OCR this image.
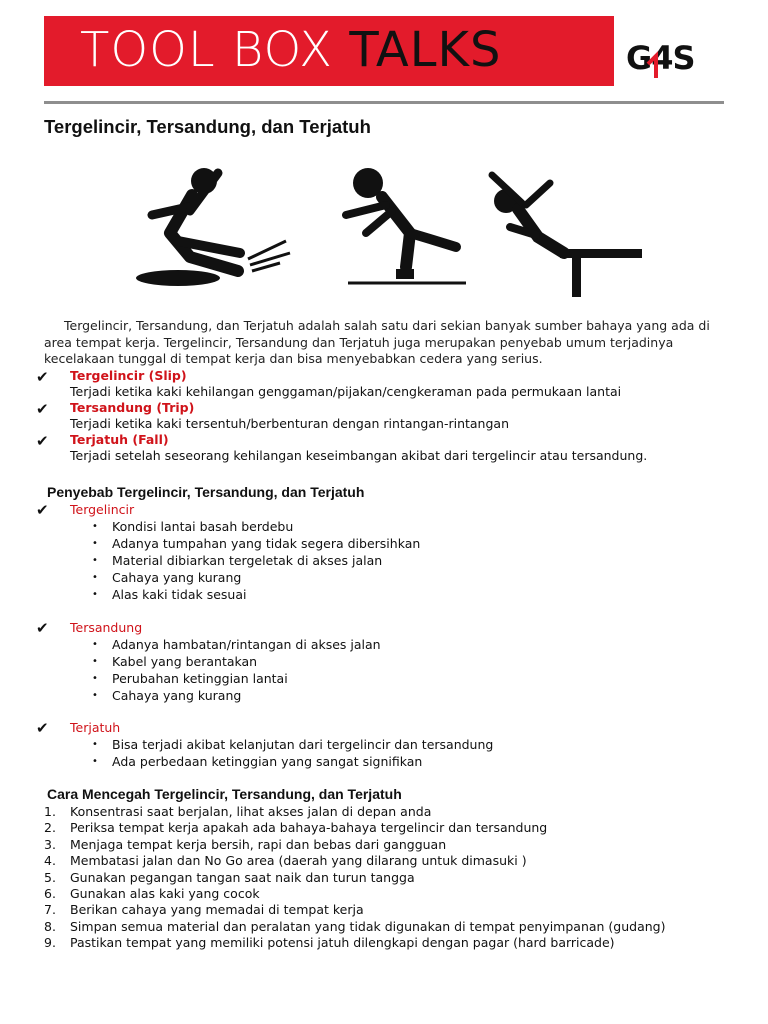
TOOL BOX TALKS	G4S
Tergelincir, Tersandung, dan Terjatuh

Tergelincir, Tersandung, dan Terjatuh adalah salah satu dari sekian banyak sumber bahaya yang ada di area tempat kerja. Tergelincir, Tersandung dan Terjatuh juga merupakan penyebab umum terjadinya kecelakaan tunggal di tempat kerja dan bisa menyebabkan cedera yang serius.

✔ Tergelincir (Slip)
Terjadi ketika kaki kehilangan genggaman/pijakan/cengkeraman pada permukaan lantai
✔ Tersandung (Trip)
Terjadi ketika kaki tersentuh/berbenturan dengan rintangan-rintangan
✔ Terjatuh (Fall)
Terjadi setelah seseorang kehilangan keseimbangan akibat dari tergelincir atau tersandung.
Penyebab Tergelincir, Tersandung, dan Terjatuh
✔ Tergelincir
• Kondisi lantai basah berdebu
• Adanya tumpahan yang tidak segera dibersihkan
• Material dibiarkan tergeletak di akses jalan
• Cahaya yang kurang
• Alas kaki tidak sesuai
✔ Tersandung
• Adanya hambatan/rintangan di akses jalan
• Kabel yang berantakan
• Perubahan ketinggian lantai
• Cahaya yang kurang
✔ Terjatuh
• Bisa terjadi akibat kelanjutan dari tergelincir dan tersandung
• Ada perbedaan ketinggian yang sangat signifikan
Cara Mencegah Tergelincir, Tersandung, dan Terjatuh
1. Konsentrasi saat berjalan, lihat akses jalan di depan anda
2. Periksa tempat kerja apakah ada bahaya-bahaya tergelincir dan tersandung
3. Menjaga tempat kerja bersih, rapi dan bebas dari gangguan
4. Membatasi jalan dan No Go area (daerah yang dilarang untuk dimasuki )
5. Gunakan pegangan tangan saat naik dan turun tangga
6. Gunakan alas kaki yang cocok
7. Berikan cahaya yang memadai di tempat kerja
8. Simpan semua material dan peralatan yang tidak digunakan di tempat penyimpanan (gudang)
9. Pastikan tempat yang memiliki potensi jatuh dilengkapi dengan pagar (hard barricade)
